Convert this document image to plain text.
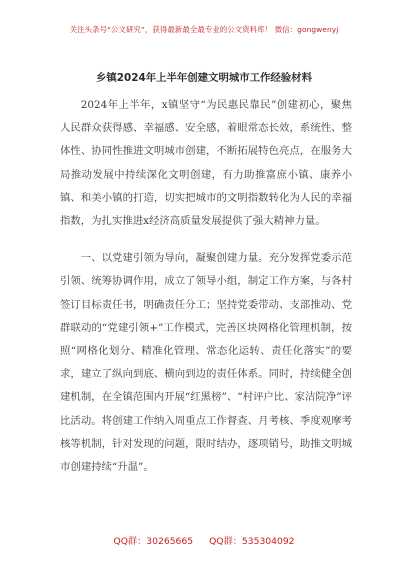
关注头条号“公文研究”，获得最新最全最专业的公文资料库！ 微信：gongwenyj
乡镇2024年上半年创建文明城市工作经验材料

2024年上半年，x镇坚守“为民惠民靠民”创建初心，聚焦人民群众获得感、幸福感、安全感，着眼常态长效，系统性、整体性、协同性推进文明城市创建，不断拓展特色亮点，在服务大局推动发展中持续深化文明创建，有力助推富庶小镇、康养小镇、和美小镇的打造，切实把城市的文明指数转化为人民的幸福指数，为扎实推进x经济高质量发展提供了强大精神力量。

一、以党建引领为导向，凝聚创建力量。充分发挥党委示范引领、统筹协调作用，成立了领导小组，制定工作方案，与各村签订目标责任书，明确责任分工；坚持党委带动、支部推动、党群联动的“党建引领+”工作模式，完善区块网格化管理机制，按照“网格化划分、精准化管理、常态化运转、责任化落实”的要求，建立了纵向到底、横向到边的责任体系。同时，持续健全创建机制，在全镇范围内开展“红黑榜”、“村评户比、家洁院净”评比活动。将创建工作纳入周重点工作督查、月考核、季度观摩考核等机制，针对发现的问题，限时结办，逐项销号，助推文明城市创建持续“升温”。

QQ群：30265665 QQ群：535304092
